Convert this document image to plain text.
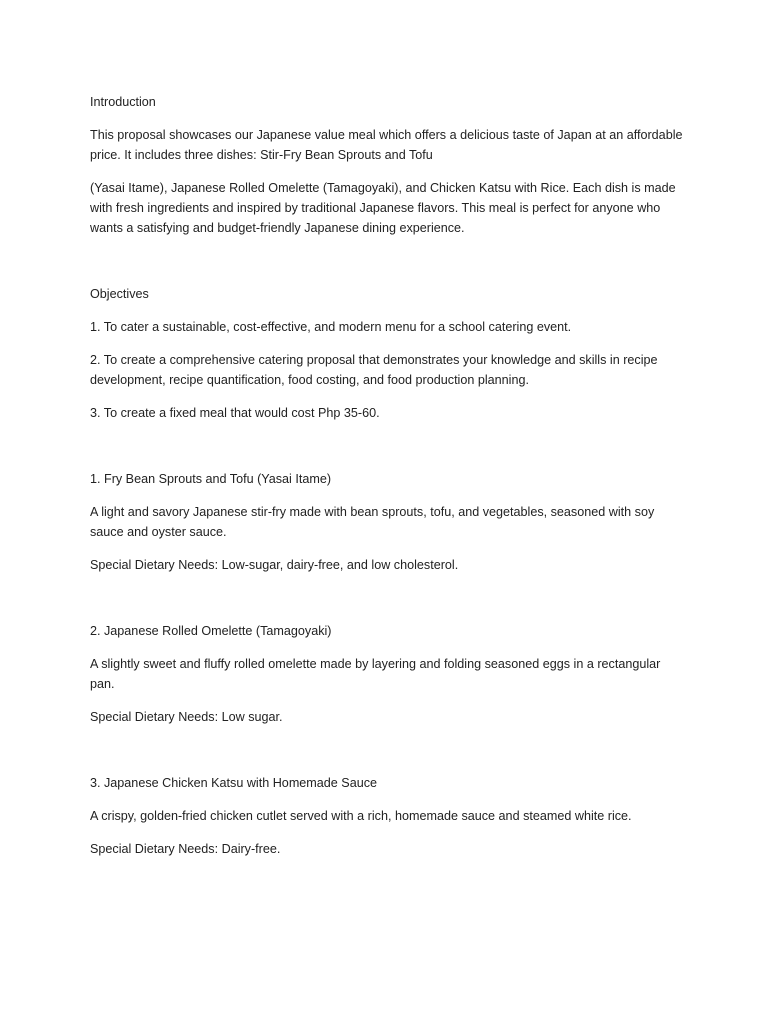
Introduction

This proposal showcases our Japanese value meal which offers a delicious taste of Japan at an affordable price. It includes three dishes: Stir-Fry Bean Sprouts and Tofu

(Yasai Itame), Japanese Rolled Omelette (Tamagoyaki), and Chicken Katsu with Rice. Each dish is made with fresh ingredients and inspired by traditional Japanese flavors. This meal is perfect for anyone who wants a satisfying and budget-friendly Japanese dining experience.

Objectives

1. To cater a sustainable, cost-effective, and modern menu for a school catering event.

2. To create a comprehensive catering proposal that demonstrates your knowledge and skills in recipe development, recipe quantification, food costing, and food production planning.

3. To create a fixed meal that would cost Php 35-60.

1. Fry Bean Sprouts and Tofu (Yasai Itame)

A light and savory Japanese stir-fry made with bean sprouts, tofu, and vegetables, seasoned with soy sauce and oyster sauce.

Special Dietary Needs: Low-sugar, dairy-free, and low cholesterol.

2. Japanese Rolled Omelette (Tamagoyaki)

A slightly sweet and fluffy rolled omelette made by layering and folding seasoned eggs in a rectangular pan.

Special Dietary Needs: Low sugar.

3. Japanese Chicken Katsu with Homemade Sauce

A crispy, golden-fried chicken cutlet served with a rich, homemade sauce and steamed white rice.

Special Dietary Needs: Dairy-free.
